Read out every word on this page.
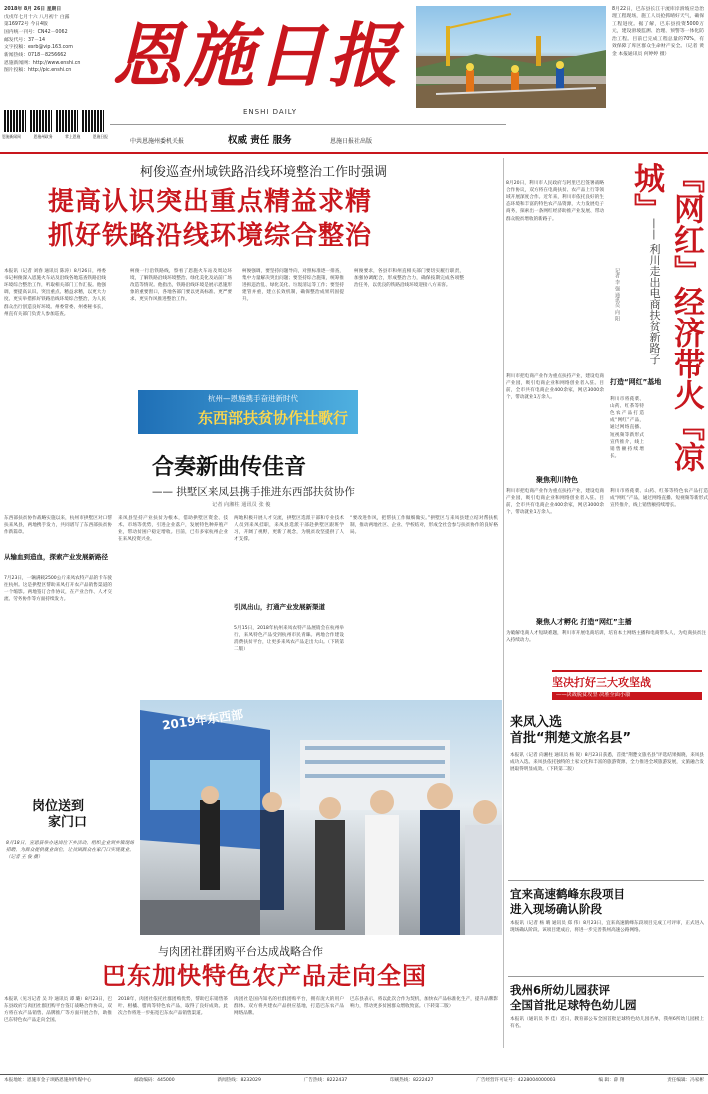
2018年 8月 26日 星期日
戊戌年七月十六 八月初十 白露
第16972号 今日4版
国内统一刊号：CN42－0062
邮发代号：37－14
文字投稿：esrb@vip.163.com
新闻热线：0718－8256662
恩施新闻网：http://www.enshi.cn
图片投稿：http://pic.enshi.cn
恩施新闻网	恩施州政务	掌上恩施	恩施日报
恩施日报
ENSHI DAILY
中共恩施州委机关报	权威 责任 服务	恩施日报社出版
8月22日，巴东县长江干流库岸滑坡应急治理工程现场，施工人员抢抓晴好天气，确保工程进度。据了解，巴东县投资5000万元，建设滑坡监测、治理、预警等一体化防治工程。目前已完成工程总量的70%，有效保障了库区群众生命财产安全。（记者 黄金 本报通讯员 何婷婷 摄）
柯俊巡查州域铁路沿线环境整治工作时强调
提高认识突出重点精益求精
抓好铁路沿线环境综合整治
本报讯（记者 刘春 通讯员 陈涛）8月26日，州委书记柯俊深入恩施火车站及沿线各地巡查铁路沿线环境综合整治工作，听取相关部门工作汇报。他强调，要提高认识、突出重点、精益求精，以更大力度、更实举措抓好铁路沿线环境综合整治，为人民群众出行创造良好环境。州委常委、州委秘书长，州直有关部门负责人参加巡查。
柯俊一行沿铁路线，察看了恩施火车站及周边环境，了解铁路沿线环境整治、绿化美化及站前广场改造等情况。他指出，铁路沿线环境是展示恩施形象的重要窗口，各地各部门要以更高标准、更严要求、更实作风推进整治工作。
柯俊强调，要坚持问题导向，对照标准逐一排查，集中力量解决突出问题；要坚持综合施策，统筹推进拆违治乱、绿化美化、垃圾清运等工作；要坚持建管并重，建立长效机制，确保整治成果巩固提升。
柯俊要求，各县市和州直相关部门要切实履行职责，加强协调配合，形成整治合力，确保按期完成各项整治任务，以优良的铁路沿线环境迎接八方来客。
8月20日，利川市人民政府与阿里巴巴签署战略合作协议，双方将在电商扶贫、农产品上行等领域开展深度合作。近年来，利川市依托良好的生态环境和丰富的特色农产品资源，大力发展电子商务，探索出一条网红经济助推产业发展、带动群众脱贫增收的新路子。	『网红』经济带火『凉城』
—— 利川走出电商扶贫新路子
记者 李 强 通讯员 向 阳
利川市把电商产业作为重点扶持产业，建设电商产业园，吸引电商企业和网络创业者入驻。目前，全市共有电商企业400余家，网店3000余个，带动就业1万余人。	利川市将莼菜、山药、红茶等特色农产品打造成“网红”产品，通过网络直播、短视频等新形式宣传推介，线上销售额持续增长。
打造“网红”基地
聚焦利川特色
利川市将莼菜、山药、红茶等特色农产品打造成“网红”产品，通过网络直播、短视频等新形式宣传推介，线上销售额持续增长。
利川市把电商产业作为重点扶持产业，建设电商产业园，吸引电商企业和网络创业者入驻。目前，全市共有电商企业400余家，网店3000余个，带动就业1万余人。
聚焦人才孵化 打造“网红”主播
为破解电商人才短缺难题，利川市开展电商培训，培育本土网络主播和电商带头人，为电商扶贫注入持续动力。
坚决打好三大攻坚战
——决战脱贫攻坚 决胜全面小康
杭州—恩施携手奋进新时代
东西部扶贫协作壮歌行
合奏新曲传佳音
—— 拱墅区来凤县携手推进东西部扶贫协作
记者 向湘柱 通讯员 张 俊
东西部扶贫协作战略实施以来，杭州市拱墅区对口帮扶来凤县，两地携手发力，共同谱写了东西部扶贫协作新篇章。
从输血到造血，探索产业发展新路径
7月23日，一辆满载2500公斤来凤农特产品的卡车驶往杭州。这是拱墅区帮助来凤打开农产品销售渠道的一个缩影。两地签订合作协议，在产业合作、人才交流、劳务协作等方面持续发力。
来凤县坚持产业扶贫为根本，借助拱墅区资金、技术、市场等优势，引进企业落户，发展特色种养殖产业，带动贫困户稳定增收。目前，已有多家杭州企业在来凤投资兴业。
两地积极开展人才交流，拱墅区选派干部和专业技术人员到来凤挂职，来凤县选派干部赴拱墅区跟班学习，开阔了视野，更新了观念，为脱贫攻坚提供了人才支撑。
引凤出山，打通产业发展新渠道
5月15日，2018年杭州来凤农特产品展销会在杭州举行，来凤特色产品受到杭州市民青睐。两地合作建设消费扶贫平台，让更多来凤农产品走出大山。（下转第二版）
“要改进作风，把帮扶工作做细做实。”拱墅区与来凤县建立结对帮扶机制，推动两地社区、企业、学校结对，形成全社会参与扶贫协作的良好格局。
2019年东西部
岗位送到
家门口
8月18日，宣恩县举办送岗位下乡活动，组织企业到乡镇现场招聘，为群众提供就业岗位，让贫困群众在家门口实现就业。（记者 王 俊 摄）
来凤入选
首批“荆楚文旅名县”
本报讯（记者 向湘柱 通讯员 杨 锐）8月23日获悉，首批“荆楚文旅名县”评选结果揭晓，来凤县成功入选。来凤县依托独特的土家文化和丰富的旅游资源，全力推进全域旅游发展，文旅融合发展取得明显成效。（下转第二版）
宜来高速鹤峰东段项目
进入现场确认阶段
本报讯（记者 杨 晴 通讯员 郑 伟）8月23日，宜来高速鹤峰东段项目完成工可评审，正式进入现场确认阶段。该项目建成后，将进一步完善我州高速公路网络。
我州6所幼儿园获评
全国首批足球特色幼儿园
本报讯（通讯员 李 佳）近日，教育部公布全国首批足球特色幼儿园名单，我州6所幼儿园榜上有名。
与肉团社群团购平台达成战略合作
巴东加快特色农产品走向全国
本报讯（见习记者 吴 玲 通讯员 谭 璐）8月23日，巴东县政府与肉团社群团购平台签订战略合作协议，双方将在农产品销售、品牌推广等方面开展合作，助推巴东特色农产品走向全国。
2018年，肉团社依托社群团购优势，帮助巴东销售茶叶、柑橘、腊肉等特色农产品，取得了良好成效。此次合作将进一步拓宽巴东农产品销售渠道。
肉团社是国内知名的社群团购平台，拥有庞大的用户群体。双方将共建农产品供应基地，打造巴东农产品网络品牌。
巴东县表示，将以此次合作为契机，加快农产品标准化生产，提升品牌影响力，带动更多贫困群众增收致富。（下转第二版）
本报地址：恩施市金子坝路恩施州传媒中心	邮政编码：445000	新闻热线：8232029	广告热线：8222437	印刷热线：8222427	广告经营许可证号：4228004000003	编 辑：薛 翔	责任编辑：冯家彬
